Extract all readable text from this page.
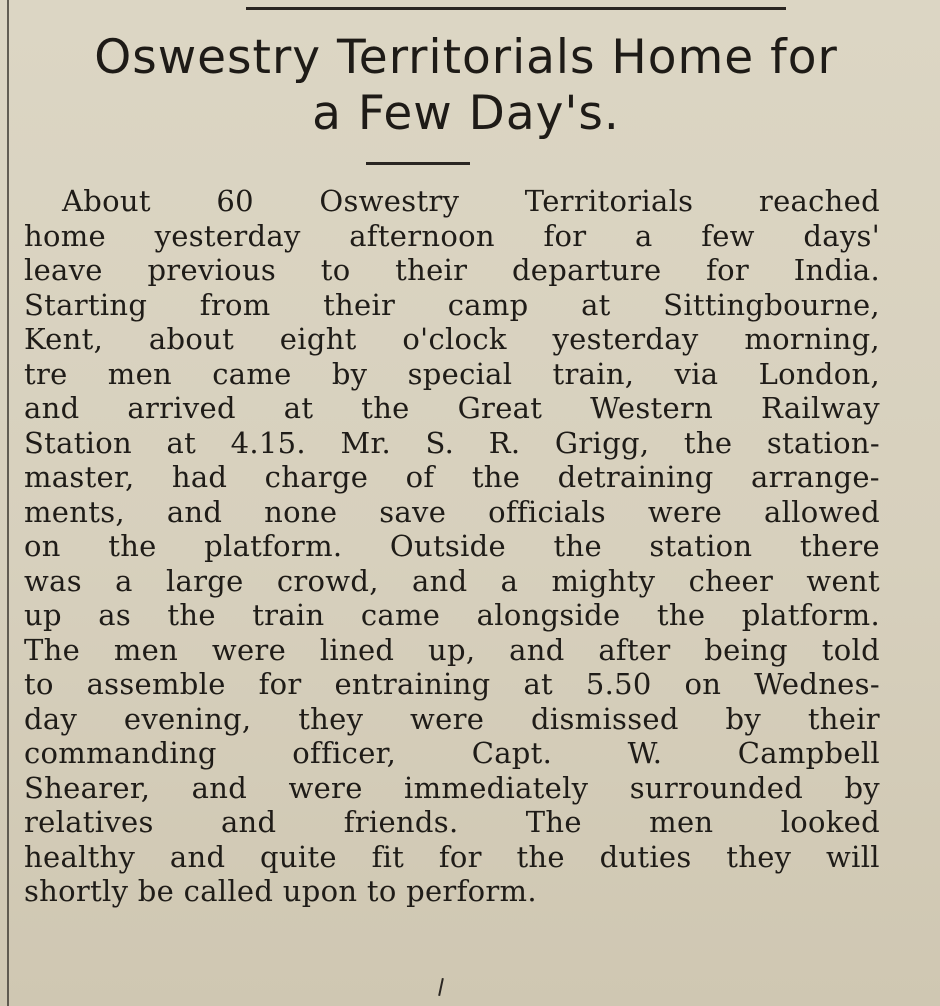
Oswestry Territorials Home for
a Few Day's.
About 60 Oswestry Territorials reached
home yesterday afternoon for a few days'
leave previous to their departure for India.
Starting from their camp at Sittingbourne,
Kent, about eight o'clock yesterday morning,
tre men came by special train, via London,
and arrived at the Great Western Railway
Station at 4.15. Mr. S. R. Grigg, the station-
master, had charge of the detraining arrange-
ments, and none save officials were allowed
on the platform. Outside the station there
was a large crowd, and a mighty cheer went
up as the train came alongside the platform.
The men were lined up, and after being told
to assemble for entraining at 5.50 on Wednes-
day evening, they were dismissed by their
commanding	officer,	Capt.	W.	Campbell
Shearer, and were immediately surrounded by
relatives and friends. The men looked
healthy and quite fit for the duties they will
shortly be called upon to perform.
